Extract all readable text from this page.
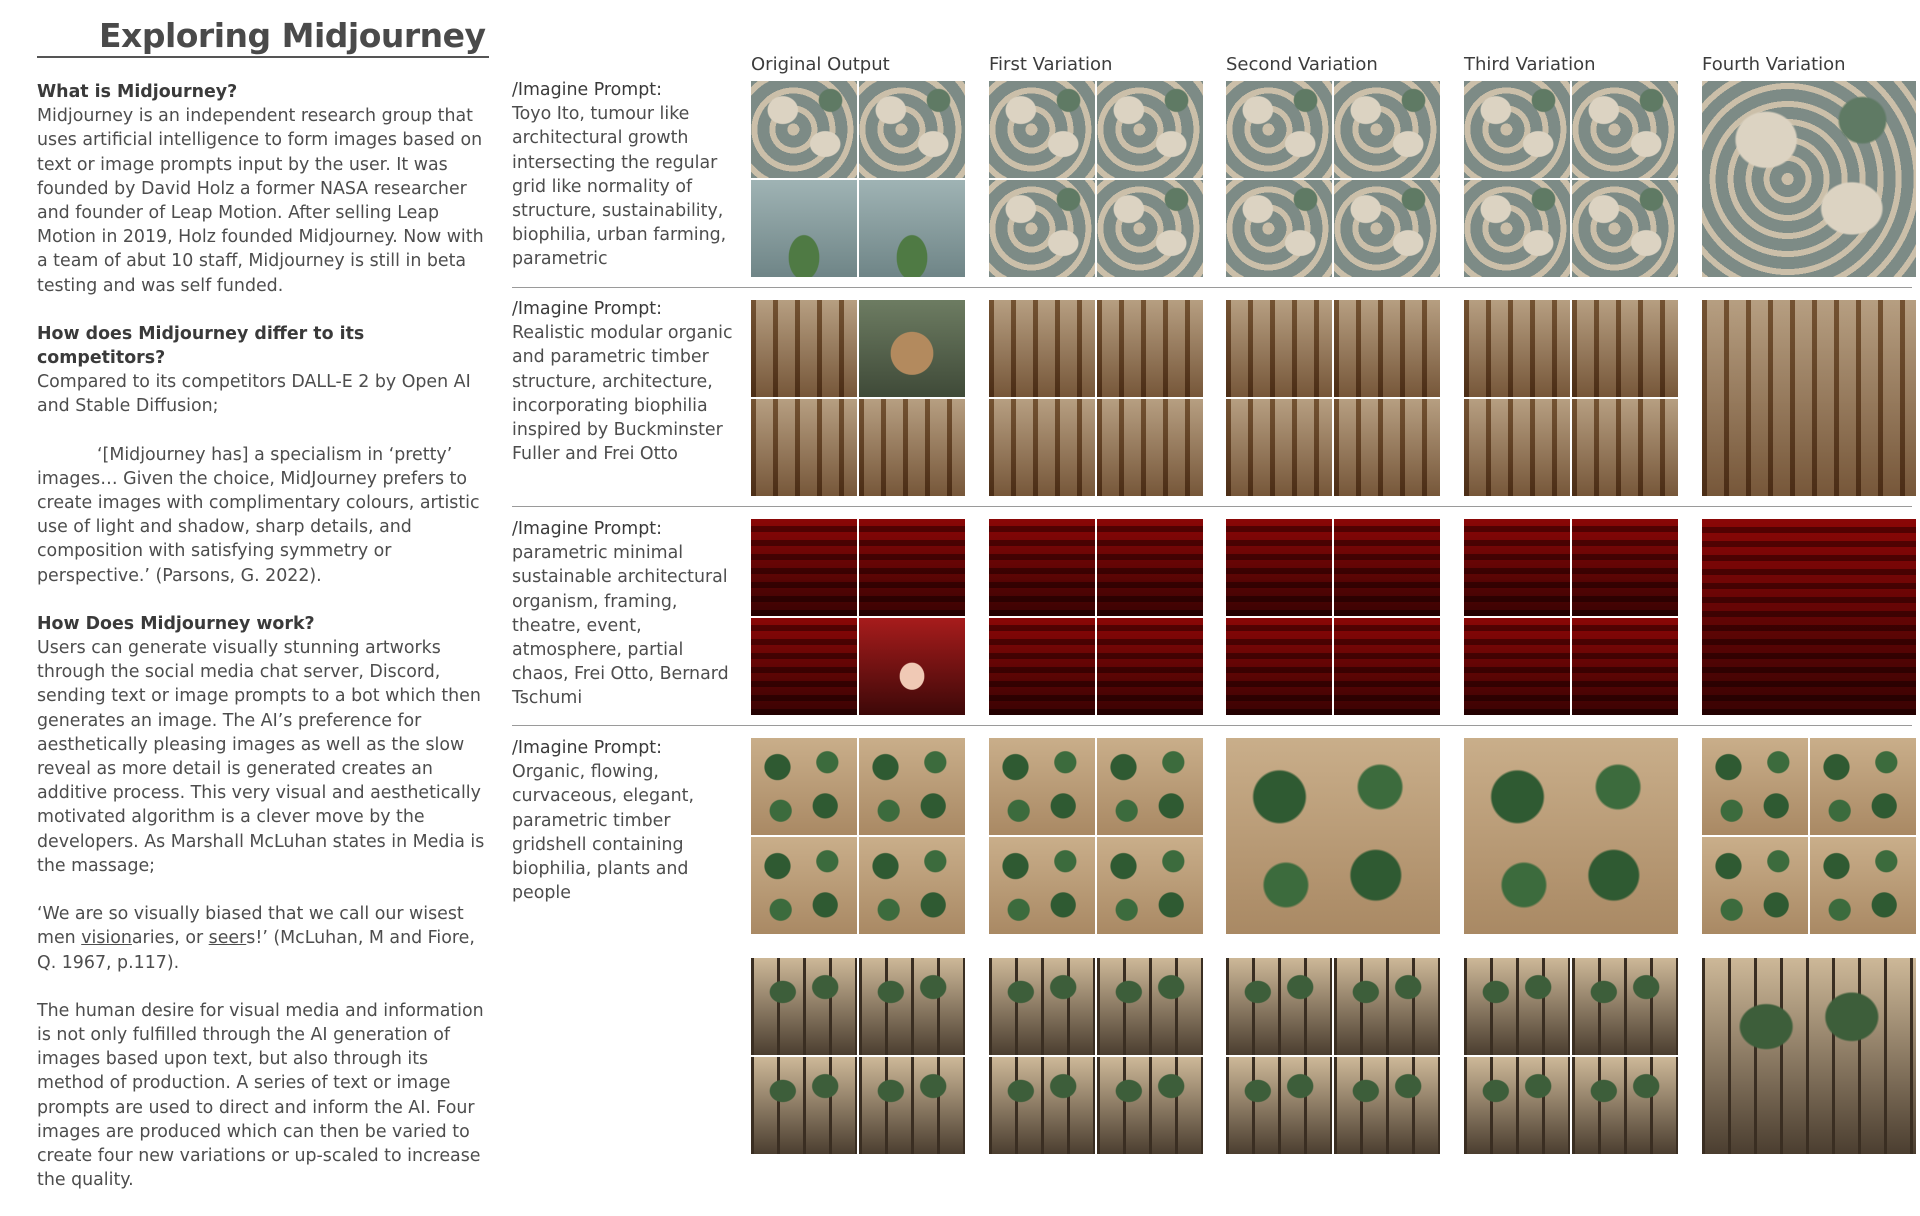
Exploring Midjourney

What is Midjourney?
Midjourney is an independent research group that uses artificial intelligence to form images based on text or image prompts input by the user. It was founded by David Holz a former NASA researcher and founder of Leap Motion. After selling Leap Motion in 2019, Holz founded Midjourney. Now with a team of abut 10 staff, Midjourney is still in beta testing and was self funded.

How does Midjourney differ to its competitors?
Compared to its competitors DALL-E 2 by Open AI and Stable Diffusion;

‘[Midjourney has] a specialism in ‘pretty’ images… Given the choice, MidJourney prefers to create images with complimentary colours, artistic use of light and shadow, sharp details, and composition with satisfying symmetry or perspective.’ (Parsons, G. 2022).

How Does Midjourney work?
Users can generate visually stunning artworks through the social media chat server, Discord, sending text or image prompts to a bot which then generates an image. The AI’s preference for aesthetically pleasing images as well as the slow reveal as more detail is generated creates an additive process. This very visual and aesthetically motivated algorithm is a clever move by the developers. As Marshall McLuhan states in Media is the massage;

‘We are so visually biased that we call our wisest men visionaries, or seers!’ (McLuhan, M and Fiore, Q. 1967, p.117).

The human desire for visual media and information is not only fulfilled through the AI generation of images based upon text, but also through its method of production. A series of text or image prompts are used to direct and inform the AI. Four images are produced which can then be varied to create four new variations or up-scaled to increase the quality.

Original Output	First Variation	Second Variation	Third Variation	Fourth Variation
/Imagine Prompt:
Toyo Ito, tumour like architectural growth intersecting the regular grid like normality of structure, sustainability, biophilia, urban farming, parametric
/Imagine Prompt:
Realistic modular organic and parametric timber structure, architecture, incorporating biophilia inspired by Buckminster Fuller and Frei Otto
/Imagine Prompt:
parametric minimal sustainable architectural organism, framing, theatre, event, atmosphere, partial chaos, Frei Otto, Bernard Tschumi
/Imagine Prompt:
Organic, flowing, curvaceous, elegant, parametric timber gridshell containing biophilia, plants and people
